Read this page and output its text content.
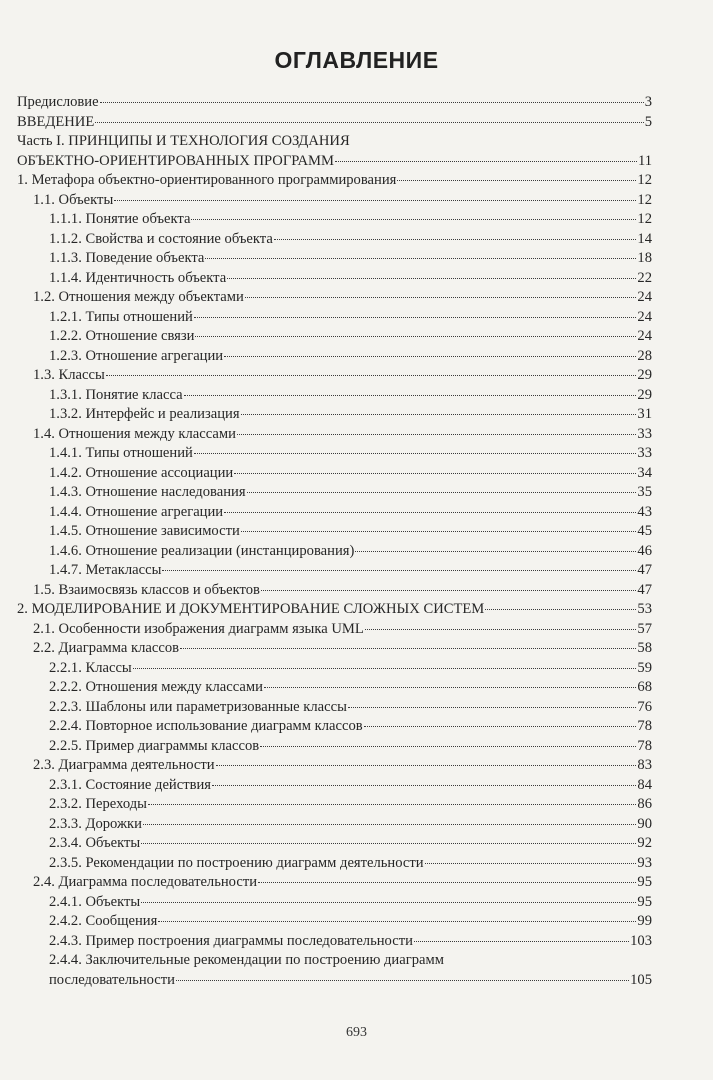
ОГЛАВЛЕНИЕ
Предисловие	3
ВВЕДЕНИЕ	5
Часть I. ПРИНЦИПЫ И ТЕХНОЛОГИЯ СОЗДАНИЯ
ОБЪЕКТНО-ОРИЕНТИРОВАННЫХ ПРОГРАММ	11
1. Метафора объектно-ориентированного программирования	12
1.1. Объекты	12
1.1.1. Понятие объекта	12
1.1.2. Свойства и состояние объекта	14
1.1.3. Поведение объекта	18
1.1.4. Идентичность объекта	22
1.2. Отношения между объектами	24
1.2.1. Типы отношений	24
1.2.2. Отношение связи	24
1.2.3. Отношение агрегации	28
1.3. Классы	29
1.3.1. Понятие класса	29
1.3.2. Интерфейс и реализация	31
1.4. Отношения между классами	33
1.4.1. Типы отношений	33
1.4.2. Отношение ассоциации	34
1.4.3. Отношение наследования	35
1.4.4. Отношение агрегации	43
1.4.5. Отношение зависимости	45
1.4.6. Отношение реализации (инстанцирования)	46
1.4.7. Метаклассы	47
1.5. Взаимосвязь классов и объектов	47
2. МОДЕЛИРОВАНИЕ И ДОКУМЕНТИРОВАНИЕ СЛОЖНЫХ СИСТЕМ	53
2.1. Особенности изображения диаграмм языка UML	57
2.2. Диаграмма классов	58
2.2.1. Классы	59
2.2.2. Отношения между классами	68
2.2.3. Шаблоны или параметризованные классы	76
2.2.4. Повторное использование диаграмм классов	78
2.2.5. Пример диаграммы классов	78
2.3. Диаграмма деятельности	83
2.3.1. Состояние действия	84
2.3.2. Переходы	86
2.3.3. Дорожки	90
2.3.4. Объекты	92
2.3.5. Рекомендации по построению диаграмм деятельности	93
2.4. Диаграмма последовательности	95
2.4.1. Объекты	95
2.4.2. Сообщения	99
2.4.3. Пример построения диаграммы последовательности	103
2.4.4. Заключительные рекомендации по построению диаграмм
последовательности	105
693
